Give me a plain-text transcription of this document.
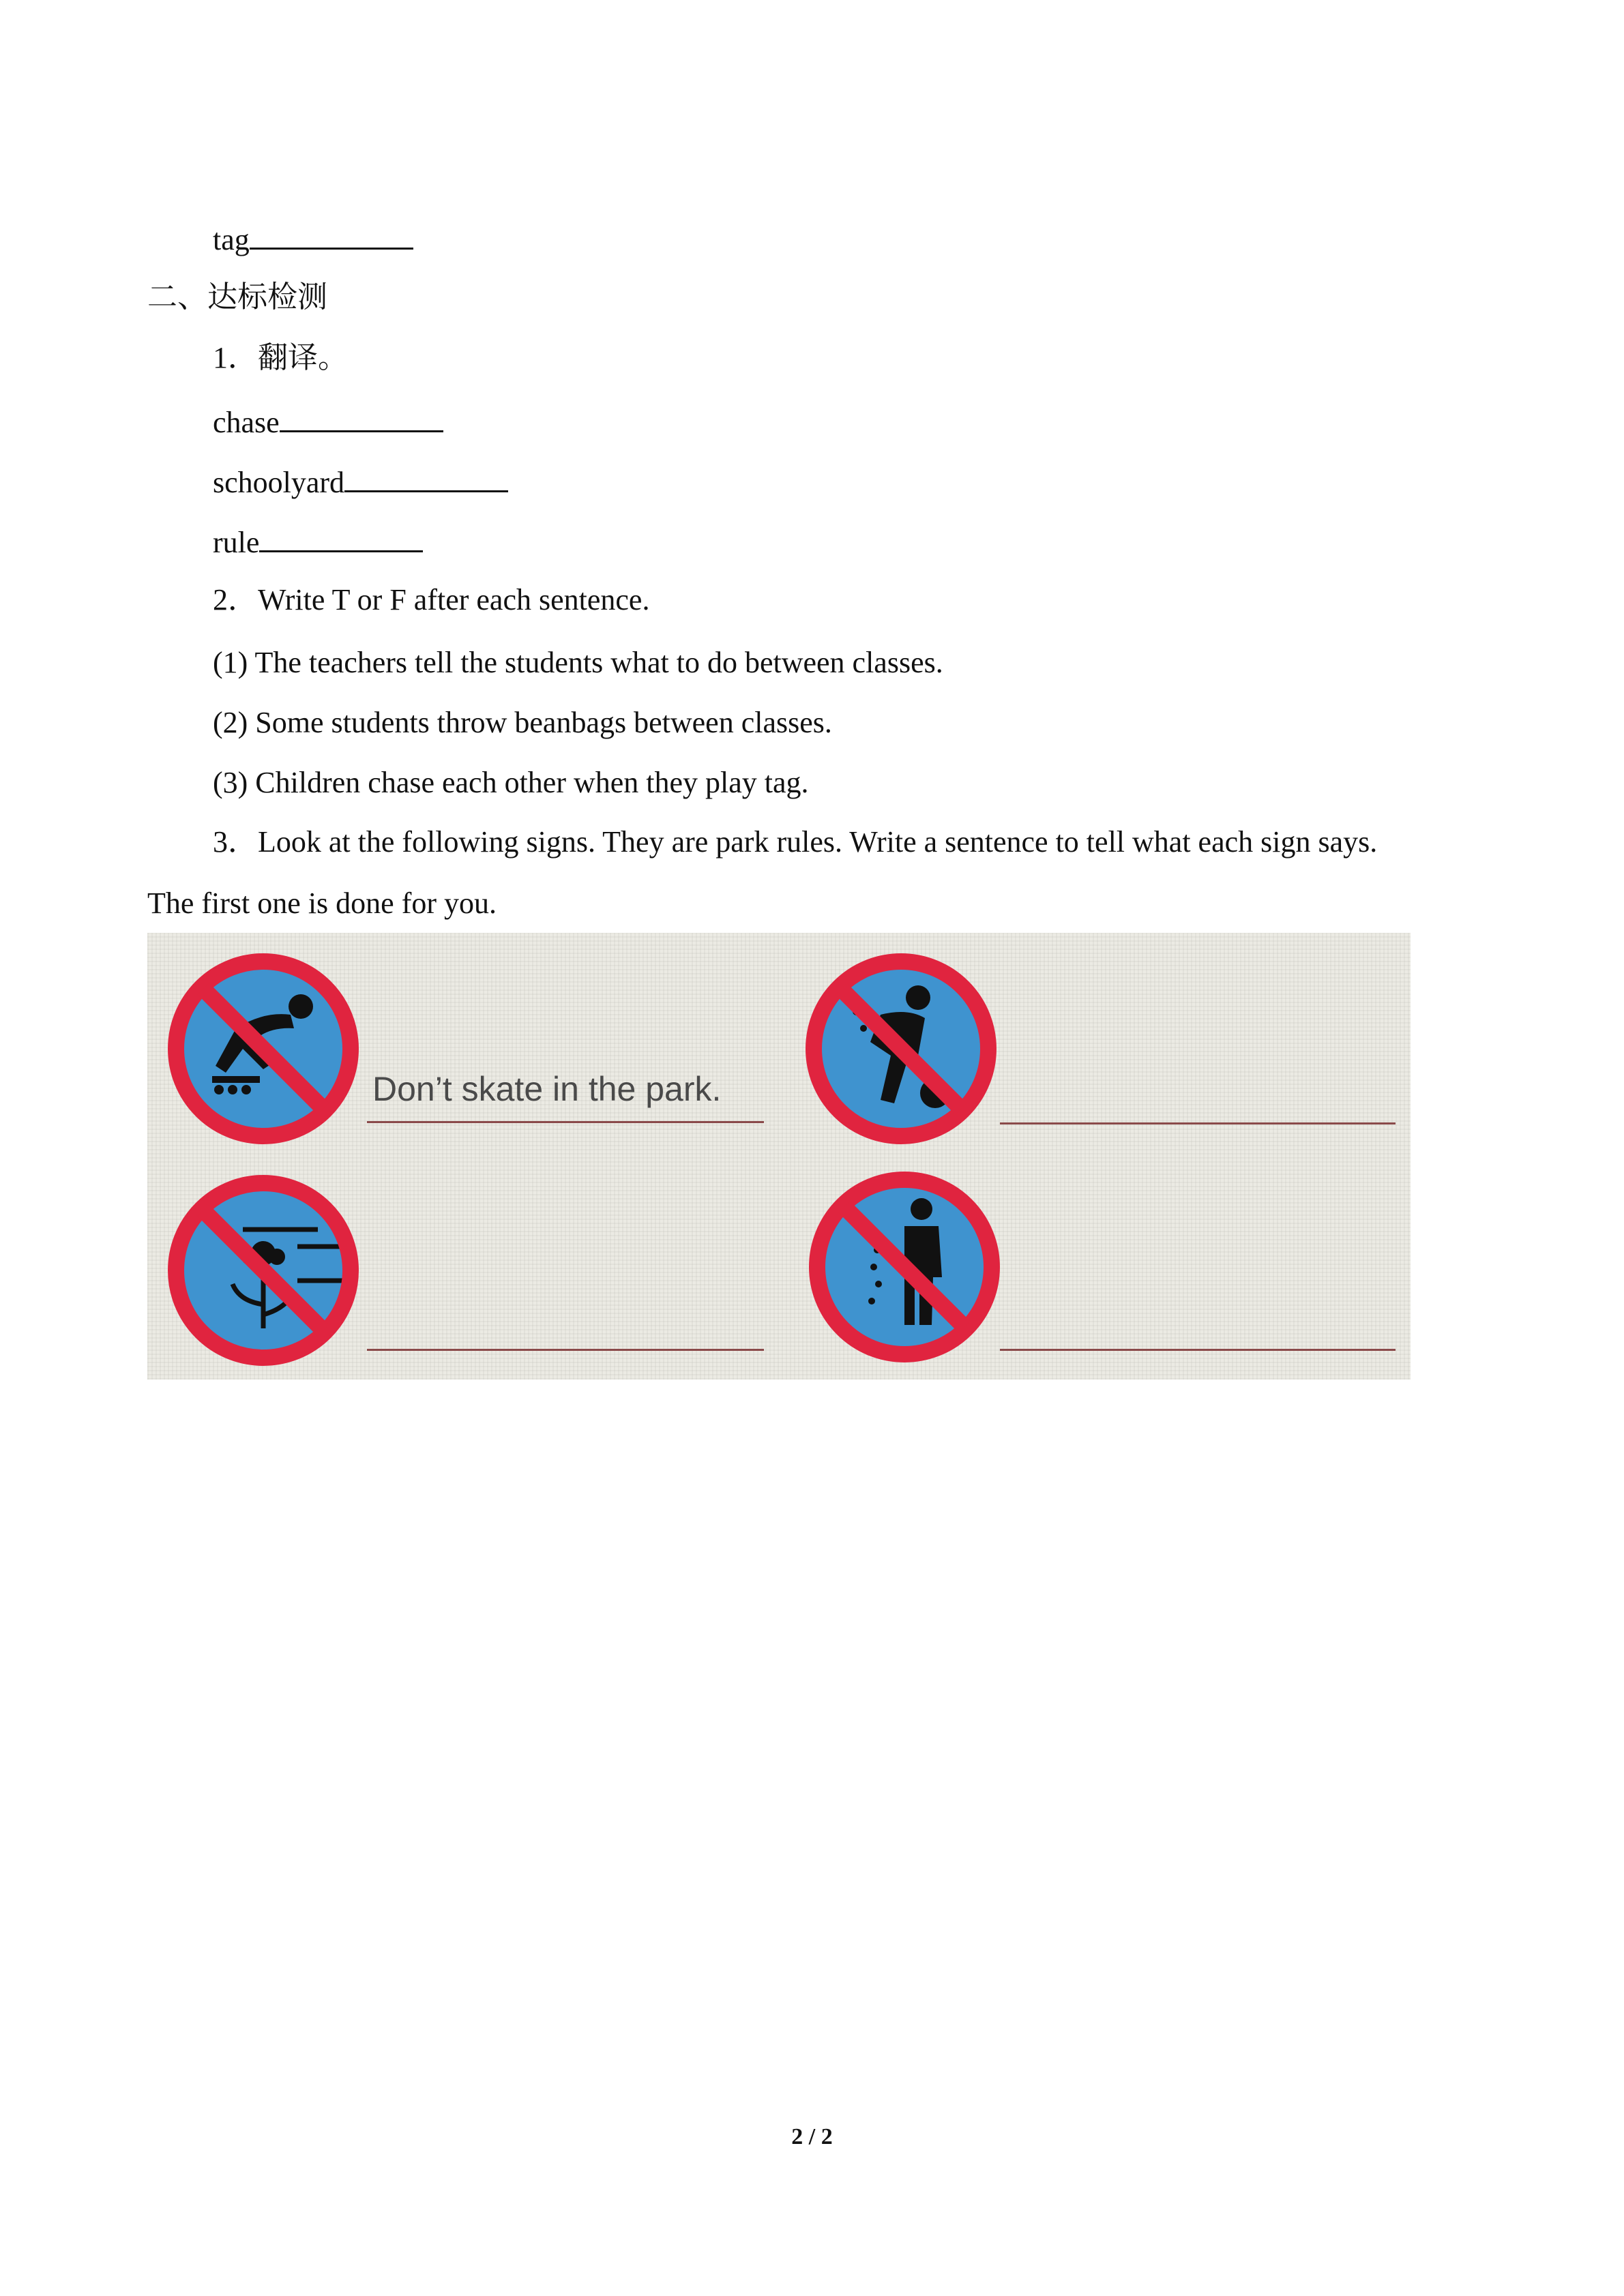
tag
二、达标检测
1．翻译。
chase
schoolyard
rule
2．Write T or F after each sentence.
(1) The teachers tell the students what to do between classes.
(2) Some students throw beanbags between classes.
(3) Children chase each other when they play tag.
3．Look at the following signs. They are park rules. Write a sentence to tell what each sign says.
The first one is done for you.
Don’t skate in the park.
2 / 2
